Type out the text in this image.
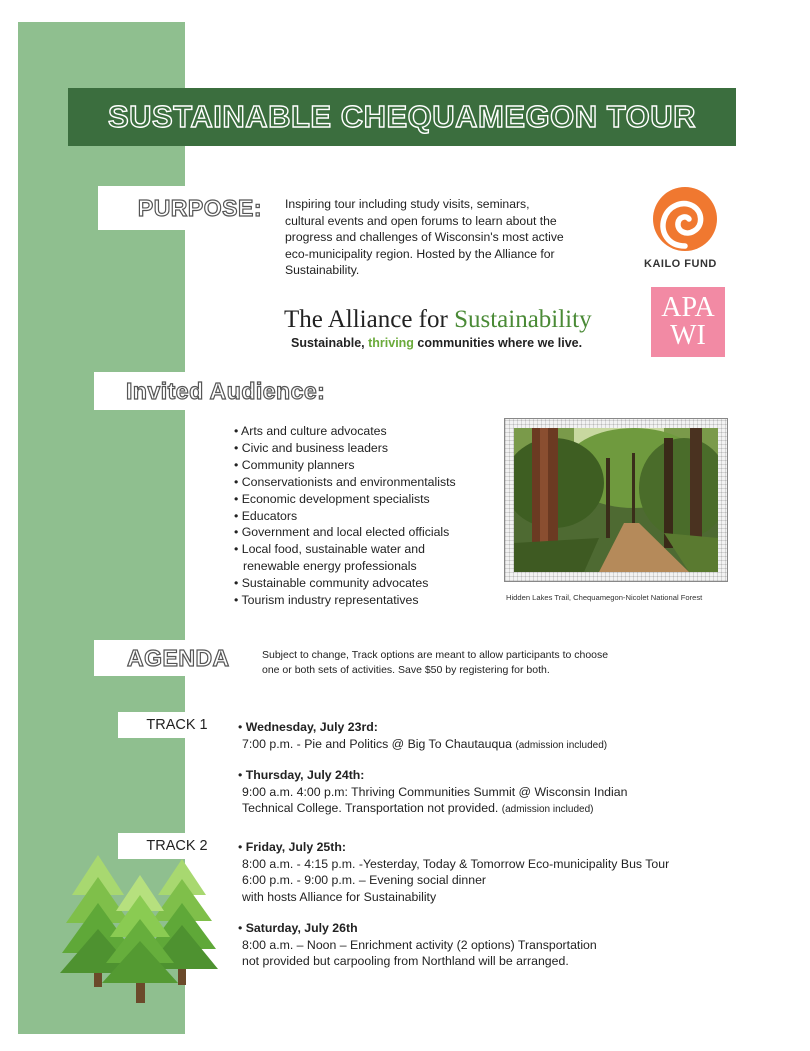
SUSTAINABLE CHEQUAMEGON TOUR
PURPOSE: Inspiring tour including study visits, seminars,
cultural events and open forums to learn about the
progress and challenges of Wisconsin's most active
eco-municipality region. Hosted by the Alliance for
Sustainability.	KAILO FUND
The Alliance for Sustainability
Sustainable, thriving communities where we live.
APA
WI
Invited Audience:
• Arts and culture advocates
• Civic and business leaders
• Community planners
• Conservationists and environmentalists
• Economic development specialists
• Educators
• Government and local elected officials
• Local food, sustainable water and
renewable energy professionals
• Sustainable community advocates
• Tourism industry representatives	Hidden Lakes Trail, Chequamegon-Nicolet National Forest
AGENDA	Subject to change, Track options are meant to allow participants to choose
one or both sets of activities. Save $50 by registering for both.
TRACK 1
TRACK 2
• Wednesday, July 23rd:
7:00 p.m. - Pie and Politics @ Big To Chautauqua (admission included)
• Thursday, July 24th:
9:00 a.m. 4:00 p.m: Thriving Communities Summit @ Wisconsin Indian
Technical College. Transportation not provided. (admission included)
• Friday, July 25th:
8:00 a.m. - 4:15 p.m. -Yesterday, Today & Tomorrow Eco-municipality Bus Tour
6:00 p.m. - 9:00 p.m. – Evening social dinner
with hosts Alliance for Sustainability
• Saturday, July 26th
8:00 a.m. – Noon – Enrichment activity (2 options) Transportation
not provided but carpooling from Northland will be arranged.
